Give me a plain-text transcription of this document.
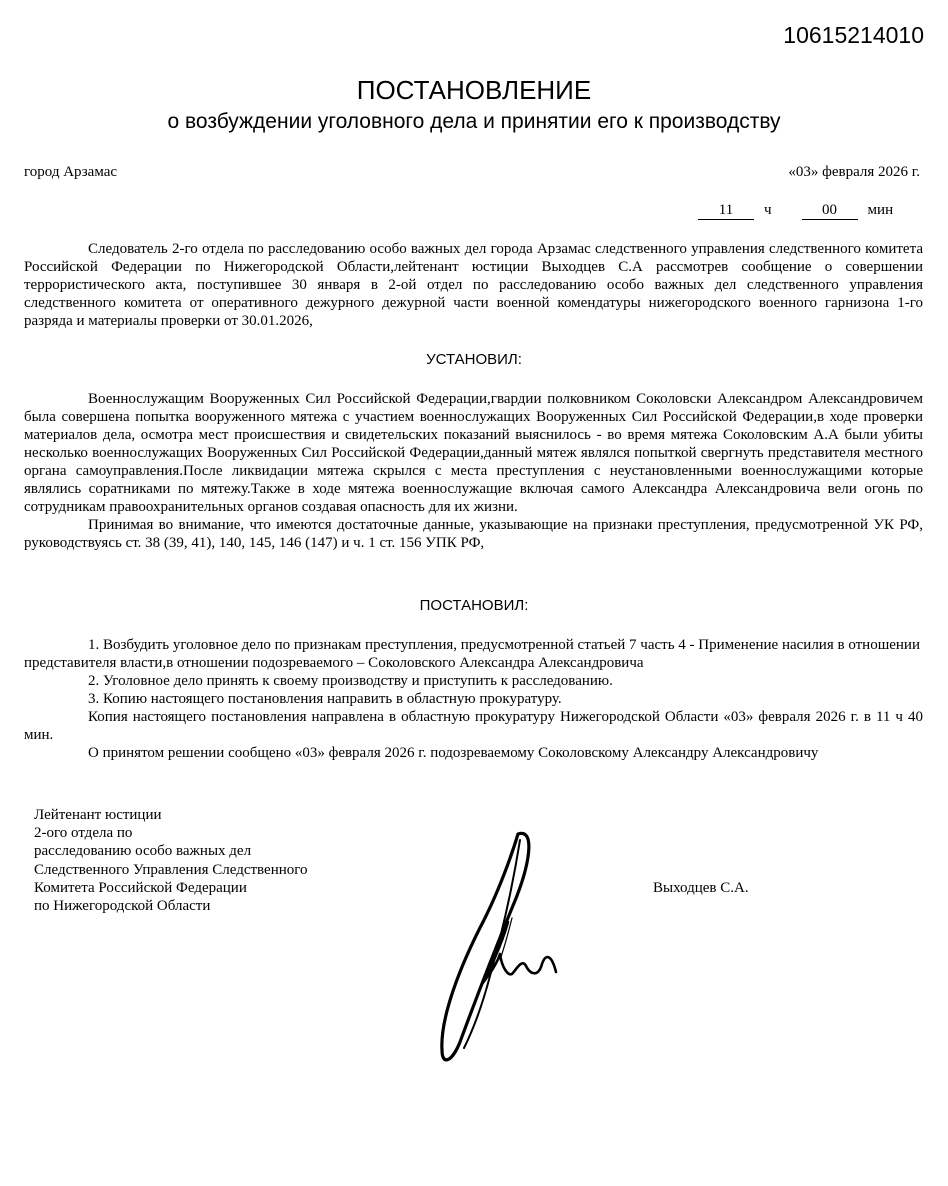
10615214010
ПОСТАНОВЛЕНИЕ
о возбуждении уголовного дела и принятии его к производству
город Арзамас	«03» февраля 2026 г.
11 ч	00 мин

Следователь 2-го отдела по расследованию особо важных дел города Арзамас следственного управления следственного комитета Российской Федерации по Нижегородской Области,лейтенант юстиции Выходцев С.А рассмотрев сообщение о совершении террористического акта, поступившее 30 января в 2-ой отдел по расследованию особо важных дел следственного управления следственного комитета от оперативного дежурного дежурной части военной комендатуры нижегородского военного гарнизона 1-го разряда и материалы проверки от 30.01.2026,

УСТАНОВИЛ:

Военнослужащим Вооруженных Сил Российской Федерации,гвардии полковником Соколовски Александром Александровичем была совершена попытка вооруженного мятежа с участием военнослужащих Вооруженных Сил Российской Федерации,в ходе проверки материалов дела, осмотра мест происшествия и свидетельских показаний выяснилось - во время мятежа Соколовским А.А были убиты несколько военнослужащих Вооруженных Сил Российской Федерации,данный мятеж являлся попыткой свергнуть представителя местного органа самоуправления.После ликвидации мятежа скрылся с места преступления с неустановленными военнослужащими которые являлись соратниками по мятежу.Также в ходе мятежа военнослужащие включая самого Александра Александровича вели огонь по сотрудникам правоохранительных органов создавая опасность для их жизни.

Принимая во внимание, что имеются достаточные данные, указывающие на признаки преступления, предусмотренной УК РФ, руководствуясь ст. 38 (39, 41), 140, 145, 146 (147) и ч. 1 ст. 156 УПК РФ,

ПОСТАНОВИЛ:

1. Возбудить уголовное дело по признакам преступления, предусмотренной статьей 7 часть 4 - Применение насилия в отношении представителя власти,в отношении подозреваемого – Соколовского Александра Александровича

2. Уголовное дело принять к своему производству и приступить к расследованию.

3. Копию настоящего постановления направить в областную прокуратуру.

Копия настоящего постановления направлена в областную прокуратуру Нижегородской Области «03» февраля 2026 г. в 11 ч 40 мин.

О принятом решении сообщено «03» февраля 2026 г. подозреваемому Соколовскому Александру Александровичу

Лейтенант юстиции
2-ого отдела по
расследованию особо важных дел
Следственного Управления Следственного
Комитета Российской Федерации
по Нижегородской Области
Выходцев С.А.
